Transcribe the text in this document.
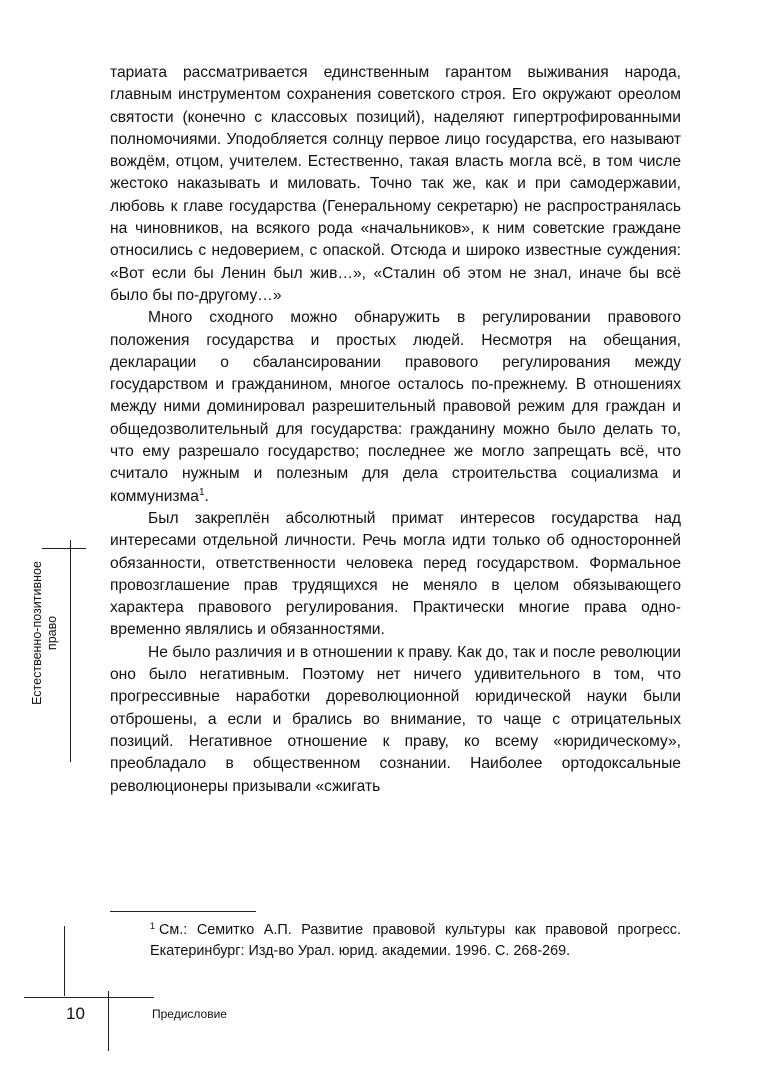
тариата рассматривается единственным гарантом выживания народа, главным инструментом сохранения советского строя. Его окружают ореолом святости (конечно с классовых позиций), наделяют гипертрофированными полномочиями. Уподобляется солнцу первое лицо государства, его называют вождём, отцом, учителем. Естественно, такая власть могла всё, в том числе жестоко наказывать и миловать. Точно так же, как и при самодержавии, любовь к главе государства (Генеральному секретарю) не распространялась на чиновников, на всякого рода «начальников», к ним советские граждане относились с недоверием, с опаской. Отсюда и широко известные суждения: «Вот если бы Ленин был жив…», «Сталин об этом не знал, иначе бы всё было бы по-другому…»

Много сходного можно обнаружить в регулировании правового положения государства и простых людей. Несмотря на обещания, декларации о сбалансировании правового регулирования между государством и гражданином, многое осталось по-прежнему. В отношениях между ними доминировал разрешительный правовой режим для граждан и общедозволительный для государства: гражданину можно было делать то, что ему разрешало государство; последнее же могло запрещать всё, что считало нужным и полезным для дела строительства социализма и коммунизма$^1$.

Был закреплён абсолютный примат интересов государства над интересами отдельной личности. Речь могла идти только об односторонней обязанности, ответственности человека перед государством. Формальное провозглашение прав трудящихся не меняло в целом обязывающего характера правового регулирования. Практически многие права одновременно являлись и обязанностями.

Не было различия и в отношении к праву. Как до, так и после революции оно было негативным. Поэтому нет ничего удивительного в том, что прогрессивные наработки дореволюционной юридической науки были отброшены, а если и брались во внимание, то чаще с отрицательных позиций. Негативное отношение к праву, ко всему «юридическому», преобладало в общественном сознании. Наиболее ортодоксальные революционеры призывали «сжигать

$^1$ См.: Семитко А.П. Развитие правовой культуры как правовой прогресс. Екатеринбург: Изд-во Урал. юрид. академии. 1996. С. 268-269.
Естественно-позитивное право
10	Предисловие
